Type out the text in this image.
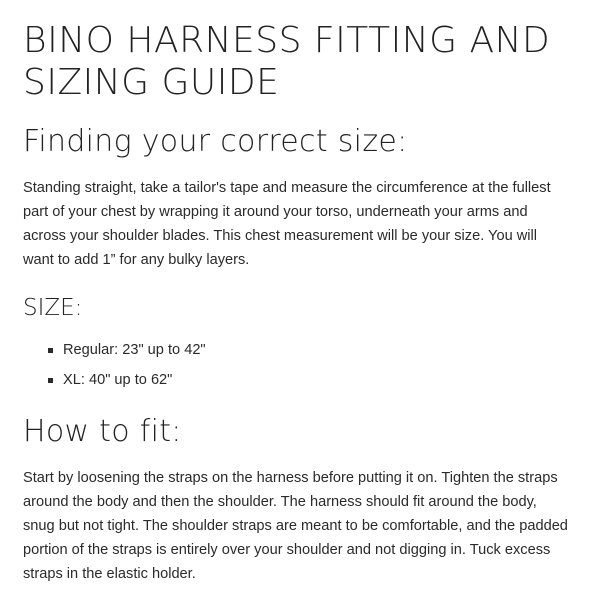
BINO HARNESS FITTING AND SIZING GUIDE
Finding your correct size:

Standing straight, take a tailor's tape and measure the circumference at the fullest part of your chest by wrapping it around your torso, underneath your arms and across your shoulder blades. This chest measurement will be your size. You will want to add 1” for any bulky layers.

SIZE:
Regular: 23" up to 42"
XL: 40" up to 62"
How to fit:

Start by loosening the straps on the harness before putting it on. Tighten the straps around the body and then the shoulder. The harness should fit around the body, snug but not tight. The shoulder straps are meant to be comfortable, and the padded portion of the straps is entirely over your shoulder and not digging in. Tuck excess straps in the elastic holder.
